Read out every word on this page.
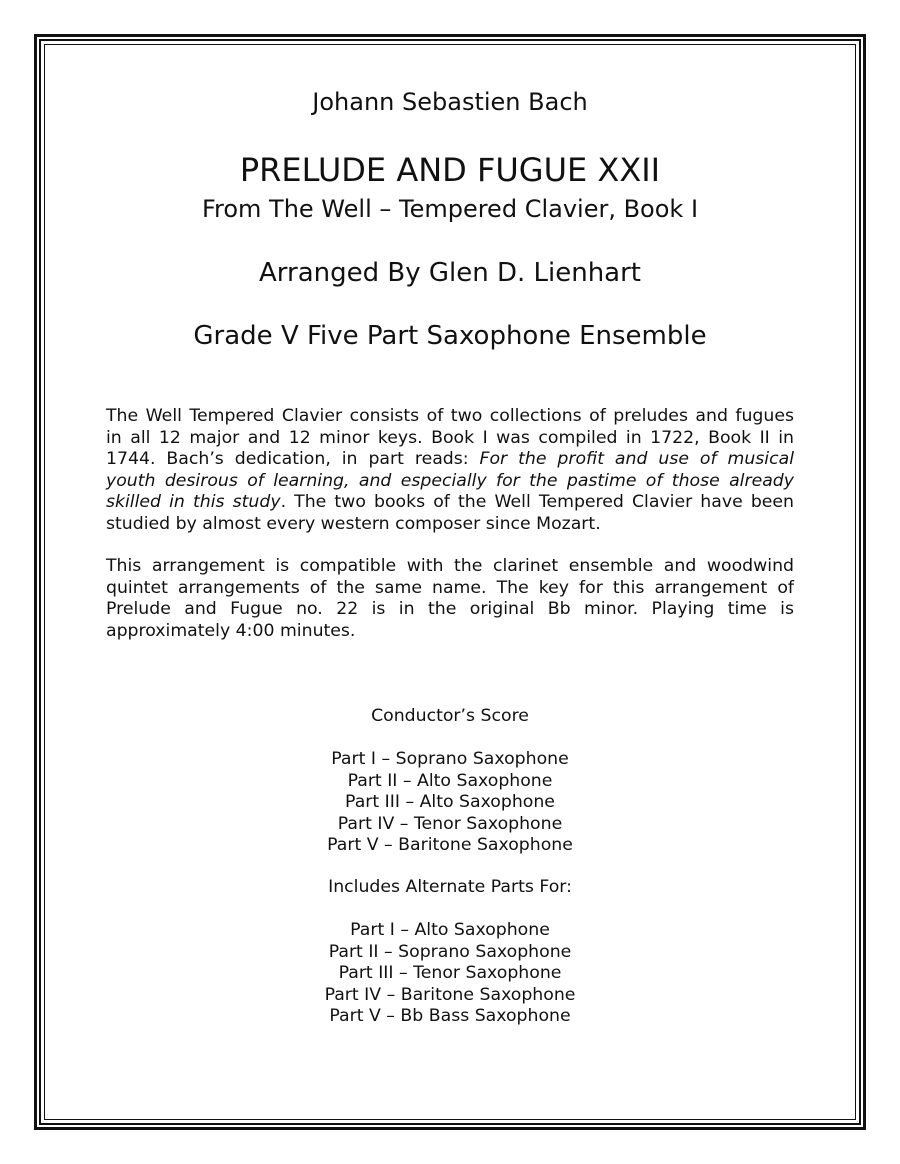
Johann Sebastien Bach
PRELUDE AND FUGUE XXII
From The Well – Tempered Clavier, Book I
Arranged By Glen D. Lienhart
Grade V Five Part Saxophone Ensemble
The Well Tempered Clavier consists of two collections of preludes and fugues
in all 12 major and 12 minor keys. Book I was compiled in 1722, Book II in
1744. Bach’s dedication, in part reads: For the profit and use of musical
youth desirous of learning, and especially for the pastime of those already
skilled in this study. The two books of the Well Tempered Clavier have been
studied by almost every western composer since Mozart.
This arrangement is compatible with the clarinet ensemble and woodwind
quintet arrangements of the same name. The key for this arrangement of
Prelude and Fugue no. 22 is in the original Bb minor. Playing time is
approximately 4:00 minutes.
Conductor’s Score
Part I – Soprano Saxophone
Part II – Alto Saxophone
Part III – Alto Saxophone
Part IV – Tenor Saxophone
Part V – Baritone Saxophone
Includes Alternate Parts For:
Part I – Alto Saxophone
Part II – Soprano Saxophone
Part III – Tenor Saxophone
Part IV – Baritone Saxophone
Part V – Bb Bass Saxophone
